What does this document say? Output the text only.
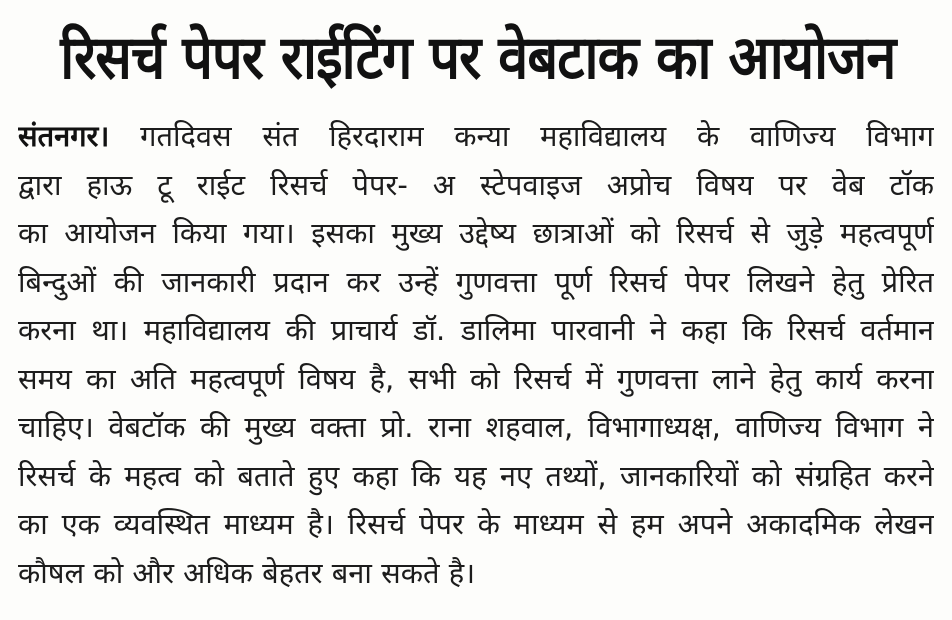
रिसर्च पेपर राईटिंग पर वेबटाक का आयोजन
संतनगर। गतदिवस संत हिरदाराम कन्या महाविद्यालय के वाणिज्य विभाग
द्वारा हाऊ टू राईट रिसर्च पेपर- अ स्टेपवाइज अप्रोच विषय पर वेब टॉक
का आयोजन किया गया। इसका मुख्य उद्देष्य छात्राओं को रिसर्च से जुड़े महत्वपूर्ण
बिन्दुओं की जानकारी प्रदान कर उन्हें गुणवत्ता पूर्ण रिसर्च पेपर लिखने हेतु प्रेरित
करना था। महाविद्यालय की प्राचार्य डॉ. डालिमा पारवानी ने कहा कि रिसर्च वर्तमान
समय का अति महत्वपूर्ण विषय है, सभी को रिसर्च में गुणवत्ता लाने हेतु कार्य करना
चाहिए। वेबटॉक की मुख्य वक्ता प्रो. राना शहवाल, विभागाध्यक्ष, वाणिज्य विभाग ने
रिसर्च के महत्व को बताते हुए कहा कि यह नए तथ्यों, जानकारियों को संग्रहित करने
का एक व्यवस्थित माध्यम है। रिसर्च पेपर के माध्यम से हम अपने अकादमिक लेखन
कौषल को और अधिक बेहतर बना सकते है।
